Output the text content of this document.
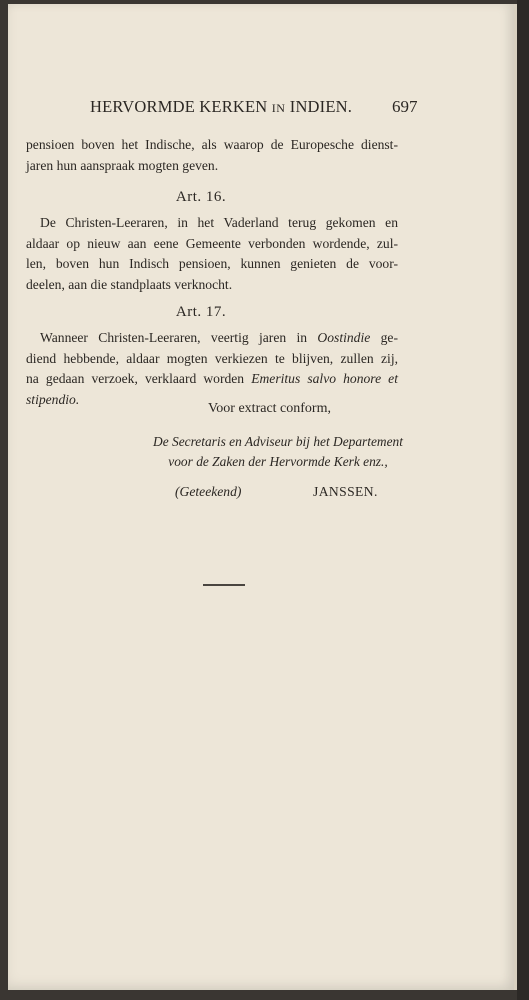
HERVORMDE KERKEN IN INDIEN. 697
pensioen boven het Indische, als waarop de Europesche dienst-
jaren hun aanspraak mogten geven.
Art. 16.
De Christen-Leeraren, in het Vaderland terug gekomen en
aldaar op nieuw aan eene Gemeente verbonden wordende, zul-
len, boven hun Indisch pensioen, kunnen genieten de voor-
deelen, aan die standplaats verknocht.
Art. 17.
Wanneer Christen-Leeraren, veertig jaren in Oostindie ge-
diend hebbende, aldaar mogten verkiezen te blijven, zullen zij,
na gedaan verzoek, verklaard worden Emeritus salvo honore et
stipendio.
Voor extract conform,
De Secretaris en Adviseur bij het Departement
voor de Zaken der Hervormde Kerk enz.,
(Geteekend)	JANSSEN.
